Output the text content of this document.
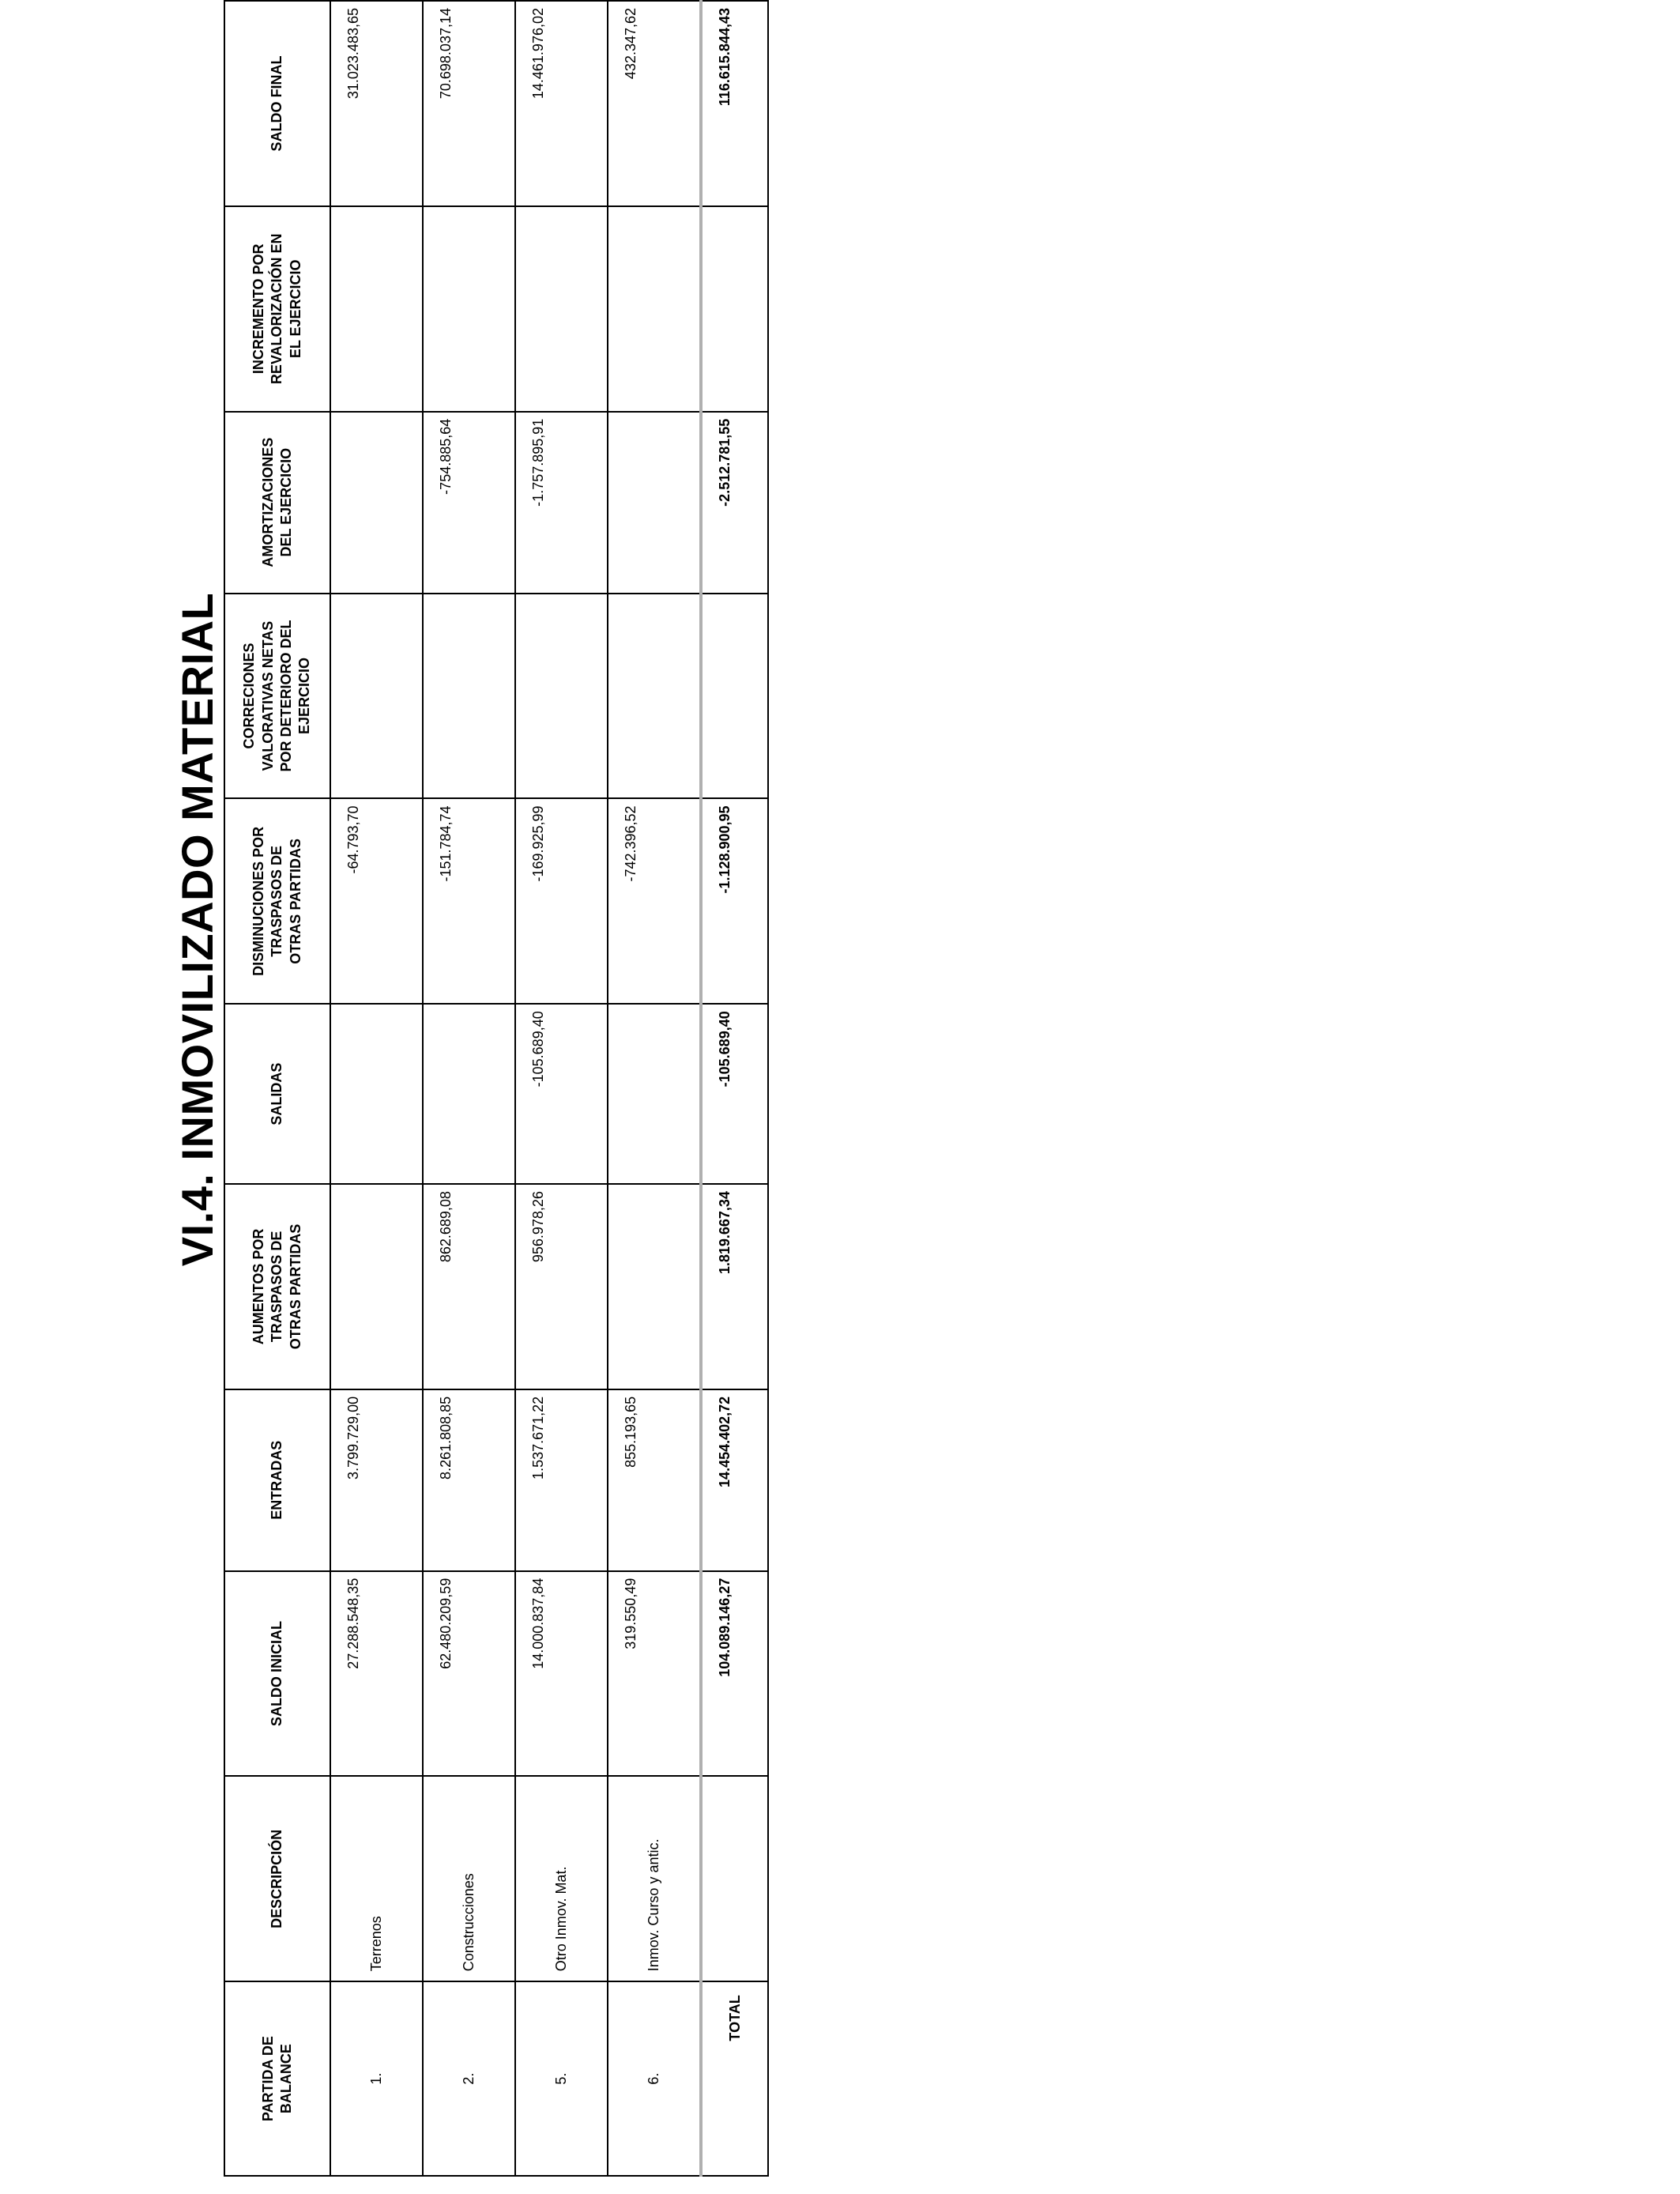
VI.4. INMOVILIZADO MATERIAL
PARTIDA DE
BALANCE	DESCRIPCIÓN	SALDO INICIAL	ENTRADAS	AUMENTOS POR
TRASPASOS DE
OTRAS PARTIDAS	SALIDAS	DISMINUCIONES POR
TRASPASOS DE
OTRAS PARTIDAS	CORRECIONES
VALORATIVAS NETAS
POR DETERIORO DEL
EJERCICIO	AMORTIZACIONES
DEL EJERCICIO	INCREMENTO POR
REVALORIZACIÓN EN
EL EJERCICIO	SALDO FINAL
1.	Terrenos	27.288.548,35	3.799.729,00			-64.793,70				31.023.483,65
2.	Construcciones	62.480.209,59	8.261.808,85	862.689,08		-151.784,74		-754.885,64		70.698.037,14
5.	Otro Inmov. Mat.	14.000.837,84	1.537.671,22	956.978,26	-105.689,40	-169.925,99		-1.757.895,91		14.461.976,02
6.	Inmov. Curso y antic.	319.550,49	855.193,65			-742.396,52				432.347,62
TOTAL		104.089.146,27	14.454.402,72	1.819.667,34	-105.689,40	-1.128.900,95		-2.512.781,55		116.615.844,43
